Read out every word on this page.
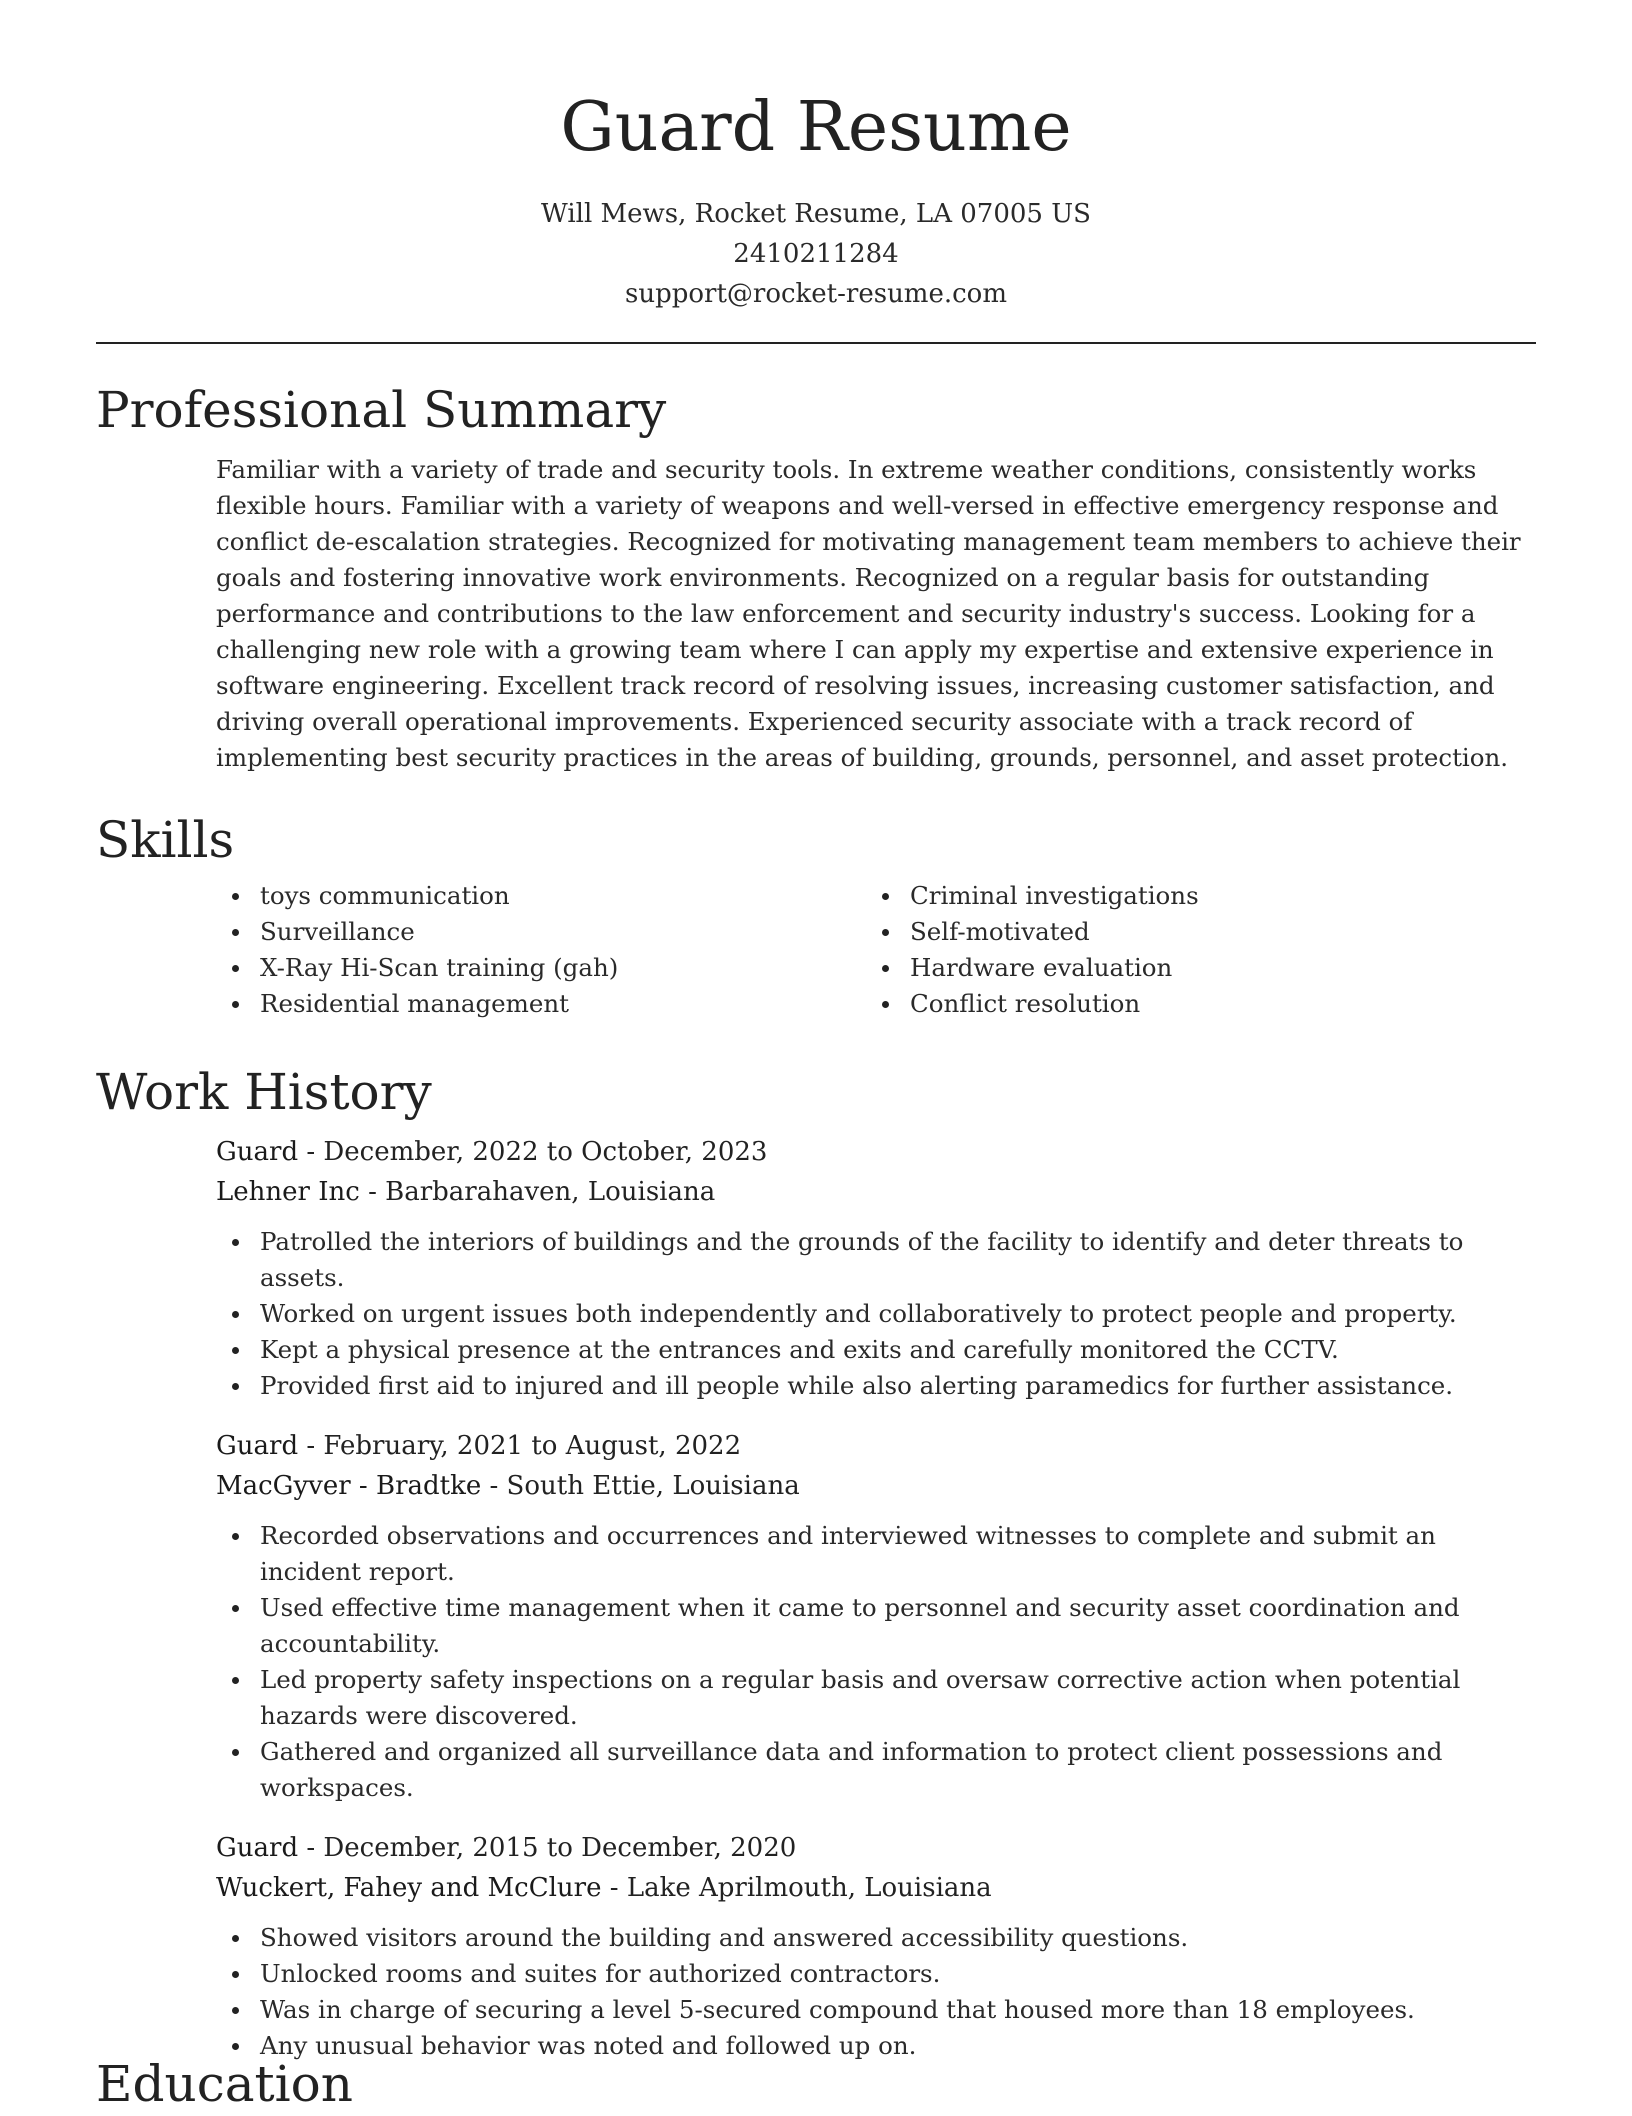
Guard Resume
Will Mews, Rocket Resume, LA 07005 US
2410211284
support@rocket-resume.com
Professional Summary

Familiar with a variety of trade and security tools. In extreme weather conditions, consistently works flexible hours. Familiar with a variety of weapons and well-versed in effective emergency response and conflict de-escalation strategies. Recognized for motivating management team members to achieve their goals and fostering innovative work environments. Recognized on a regular basis for outstanding performance and contributions to the law enforcement and security industry's success. Looking for a challenging new role with a growing team where I can apply my expertise and extensive experience in software engineering. Excellent track record of resolving issues, increasing customer satisfaction, and driving overall operational improvements. Experienced security associate with a track record of implementing best security practices in the areas of building, grounds, personnel, and asset protection.

Skills
toys communication
Surveillance
X-Ray Hi-Scan training (gah)
Residential management
Criminal investigations
Self-motivated
Hardware evaluation
Conflict resolution
Work History
Guard - December, 2022 to October, 2023
Lehner Inc - Barbarahaven, Louisiana
Patrolled the interiors of buildings and the grounds of the facility to identify and deter threats to assets.
Worked on urgent issues both independently and collaboratively to protect people and property.
Kept a physical presence at the entrances and exits and carefully monitored the CCTV.
Provided first aid to injured and ill people while also alerting paramedics for further assistance.
Guard - February, 2021 to August, 2022
MacGyver - Bradtke - South Ettie, Louisiana
Recorded observations and occurrences and interviewed witnesses to complete and submit an incident report.
Used effective time management when it came to personnel and security asset coordination and accountability.
Led property safety inspections on a regular basis and oversaw corrective action when potential hazards were discovered.
Gathered and organized all surveillance data and information to protect client possessions and workspaces.
Guard - December, 2015 to December, 2020
Wuckert, Fahey and McClure - Lake Aprilmouth, Louisiana
Showed visitors around the building and answered accessibility questions.
Unlocked rooms and suites for authorized contractors.
Was in charge of securing a level 5-secured compound that housed more than 18 employees.
Any unusual behavior was noted and followed up on.
Education
